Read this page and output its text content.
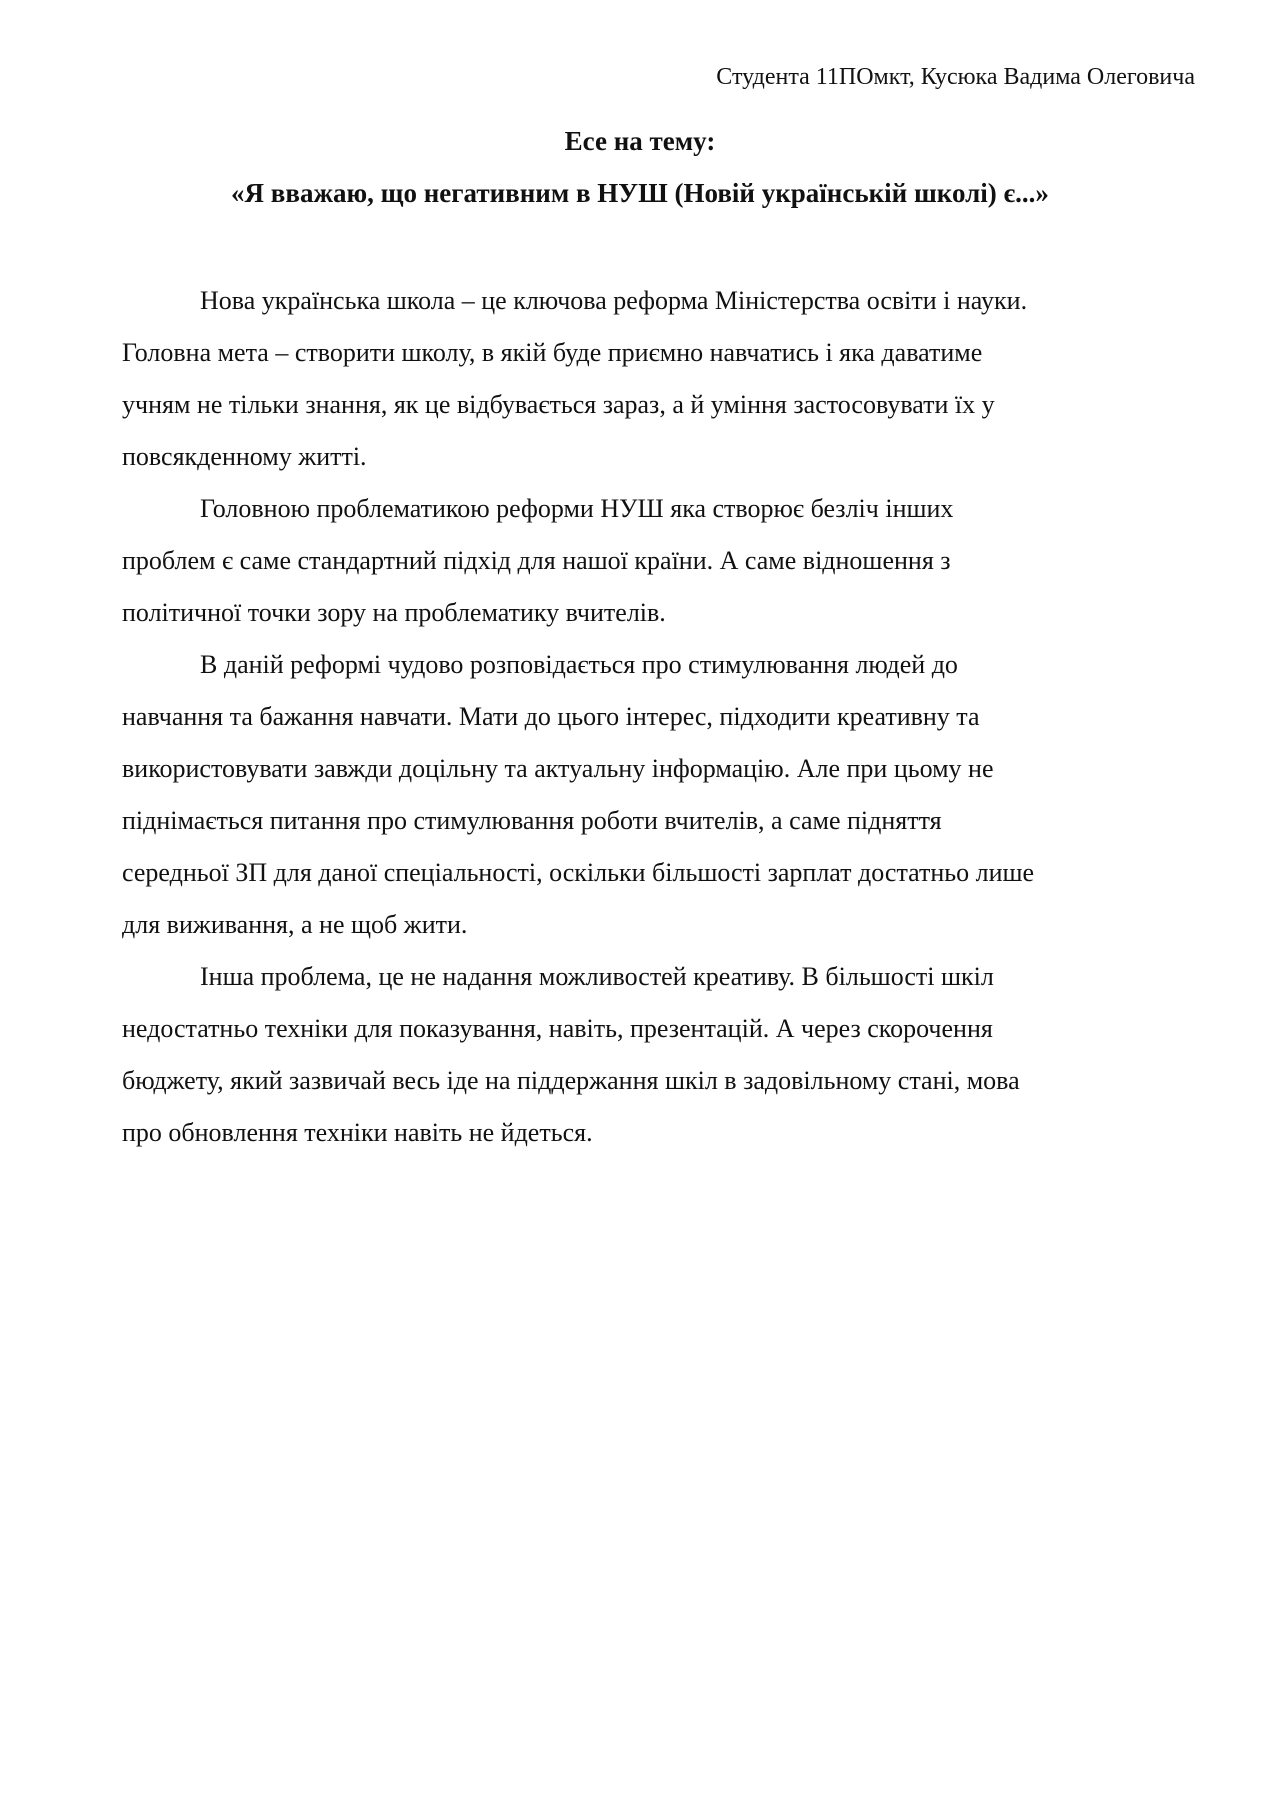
Студента 11ПОмкт, Кусюка Вадима Олеговича

Есе на тему:

«Я вважаю, що негативним в НУШ (Новій українській школі) є...»

Нова українська школа – це ключова реформа Міністерства освіти і науки.
Головна мета – створити школу, в якій буде приємно навчатись і яка даватиме
учням не тільки знання, як це відбувається зараз, а й уміння застосовувати їх у
повсякденному житті.

Головною проблематикою реформи НУШ яка створює безліч інших
проблем є саме стандартний підхід для нашої країни. А саме відношення з
політичної точки зору на проблематику вчителів.

В даній реформі чудово розповідається про стимулювання людей до
навчання та бажання навчати. Мати до цього інтерес, підходити креативну та
використовувати завжди доцільну та актуальну інформацію. Але при цьому не
піднімається питання про стимулювання роботи вчителів, а саме підняття
середньої ЗП для даної спеціальності, оскільки більшості зарплат достатньо лише
для виживання, а не щоб жити.

Інша проблема, це не надання можливостей креативу. В більшості шкіл
недостатньо техніки для показування, навіть, презентацій. А через скорочення
бюджету, який зазвичай весь іде на піддержання шкіл в задовільному стані, мова
про обновлення техніки навіть не йдеться.
